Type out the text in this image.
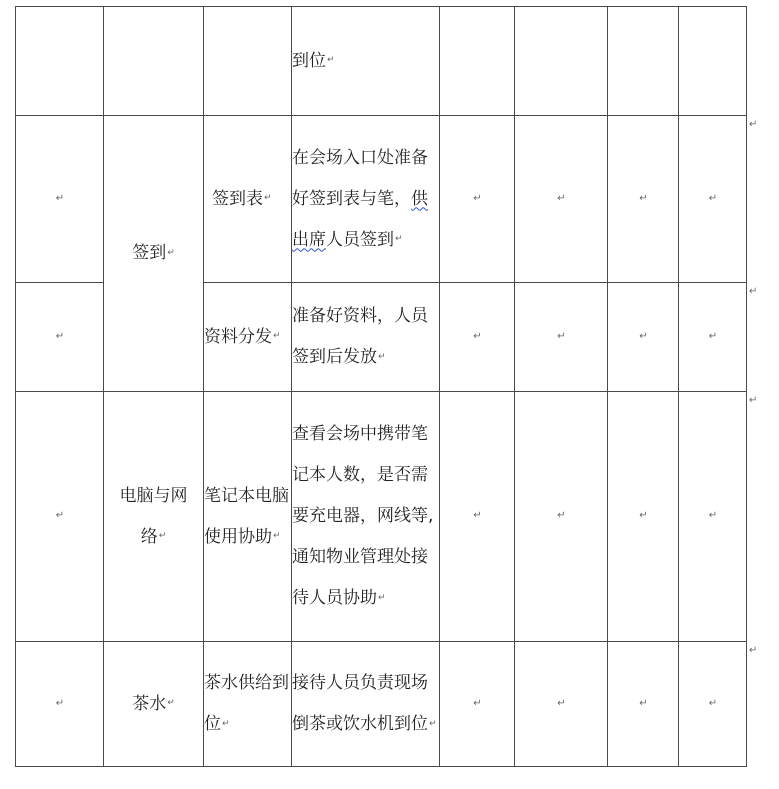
			到位↵				

↵	签到↵	签到表↵	在会场入口处准备好签到表与笔，供出席人员签到↵	↵	↵	↵	↵
↵		资料分发↵	准备好资料，人员签到后发放↵	↵	↵	↵	↵
↵	电脑与网络↵	笔记本电脑使用协助↵	查看会场中携带笔记本人数，是否需要充电器，网线等, 通知物业管理处接待人员协助↵	↵	↵	↵	↵
↵	茶水↵	茶水供给到位↵	接待人员负责现场倒茶或饮水机到位↵	↵	↵	↵	↵
↵
↵
↵
↵
